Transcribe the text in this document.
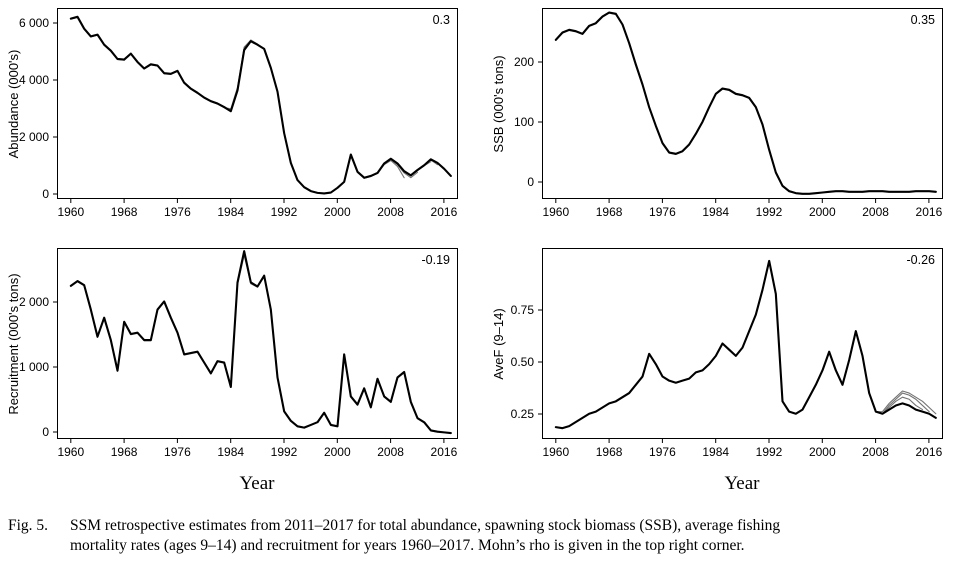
0
2 000
4 000
6 000
1960 1968 1976 1984 1992 2000 2008 2016
Abundance (000's)
0.3
0
100
200
1960 1968 1976 1984 1992 2000 2008 2016
SSB (000's tons)
0.35
0
1 000
2 000
1960 1968 1976 1984 1992 2000 2008 2016
Recruitment (000's tons)
Year
-0.19
0.25
0.50
0.75
1960 1968 1976 1984 1992 2000 2008 2016
AveF (9–14)
Year
-0.26
Fig. 5. SSM retrospective estimates from 2011–2017 for total abundance, spawning stock biomass (SSB), average fishing
mortality rates (ages 9–14) and recruitment for years 1960–2017. Mohn’s rho is given in the top right corner.
